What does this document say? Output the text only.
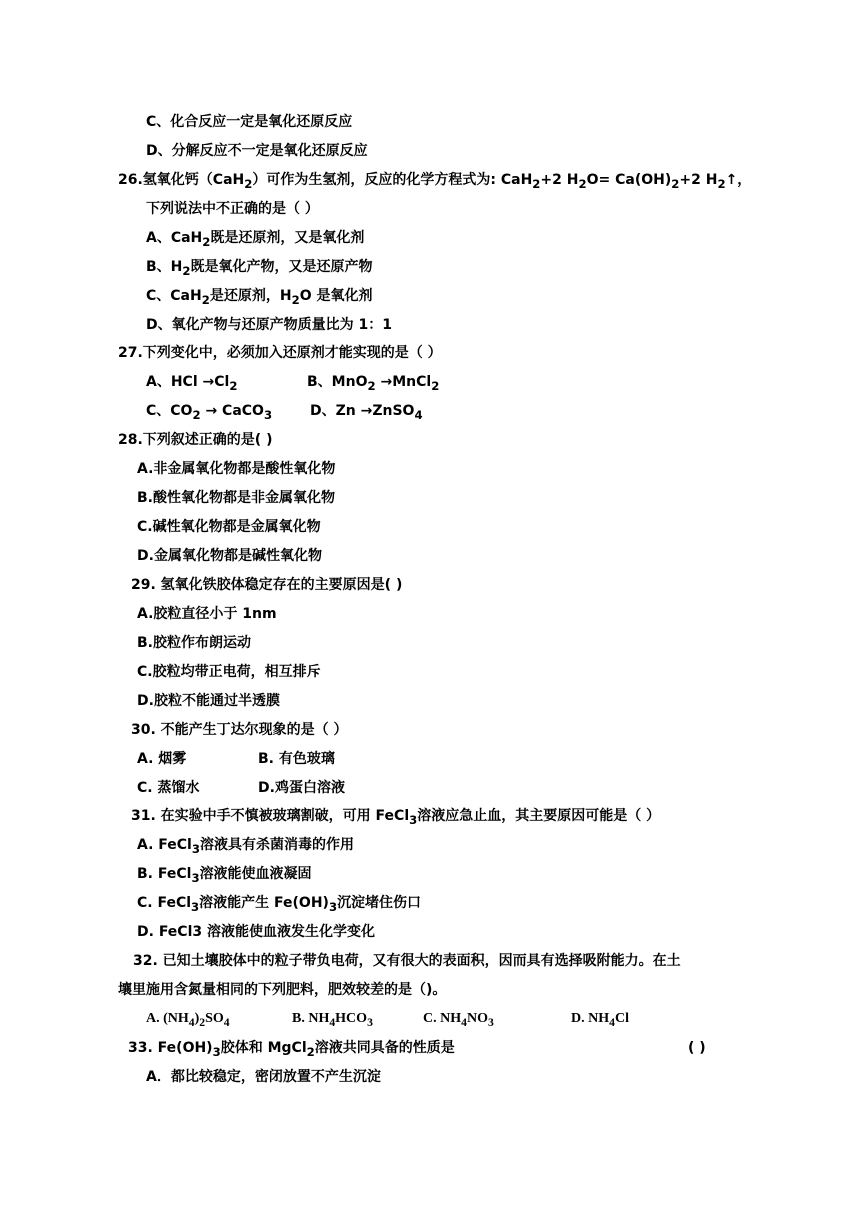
C、化合反应一定是氧化还原反应
D、分解反应不一定是氧化还原反应
26.氢氧化钙（CaH$_2$）可作为生氢剂，反应的化学方程式为: CaH$_2$+2 $H_2O= Ca(OH)_2+2$ $H_2↑$，
下列说法中不正确的是（ ）
A、CaH$_2$既是还原剂，又是氧化剂
B、$H_2$既是氧化产物，又是还原产物
C、CaH$_2$是还原剂，$H_2O$ 是氧化剂
D、氧化产物与还原产物质量比为 1：1
27.下列变化中，必须加入还原剂才能实现的是（ ）
A、HCl $\to Cl_2$	B、MnO$_2$ →MnCl$_2$
C、$CO_2$ → CaCO$_3$	D、Zn →ZnSO$_4$
28.下列叙述正确的是( )
A.非金属氧化物都是酸性氧化物
B.酸性氧化物都是非金属氧化物
C.碱性氧化物都是金属氧化物
D.金属氧化物都是碱性氧化物
29. 氢氧化铁胶体稳定存在的主要原因是( )
A.胶粒直径小于 1nm
B.胶粒作布朗运动
C.胶粒均带正电荷，相互排斥
D.胶粒不能通过半透膜
30. 不能产生丁达尔现象的是（ ）
A. 烟雾	B. 有色玻璃
C. 蒸馏水	D.鸡蛋白溶液
31. 在实验中手不慎被玻璃割破，可用 FeCl$_3$溶液应急止血，其主要原因可能是（ ）
A. FeCl$_3$溶液具有杀菌消毒的作用
B. FeCl$_3$溶液能使血液凝固
C. FeCl$_3$溶液能产生 $Fe(OH)_3$沉淀堵住伤口
D. FeCl3 溶液能使血液发生化学变化
32. 已知土壤胶体中的粒子带负电荷，又有很大的表面积，因而具有选择吸附能力。在土
壤里施用含氮量相同的下列肥料，肥效较差的是（)。
A. $(NH_4)_2SO_4$	B. $NH_4HCO_3$	C. $NH_4NO_3$	D. $NH_4Cl$
33. $Fe(OH)_3$胶体和 MgCl$_2$溶液共同具备的性质是	( )
A．都比较稳定，密闭放置不产生沉淀
